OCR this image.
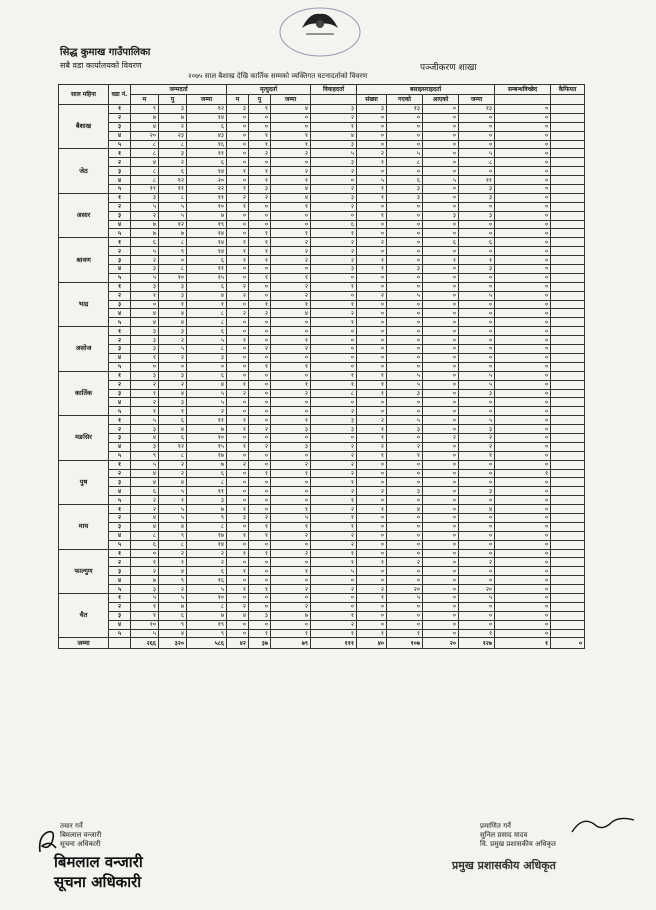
सिद्ध कुमाख गाउँपालिका
सबै वडा कार्यालयको विवरण	पञ्जीकरण शाखा
२०७५ साल बैशाख देखि कार्तिक सम्मको व्यक्तिगत घटनादर्ताको विवरण
साल महिना	वडा नं.	जन्मदर्ता			मृत्युदर्ता			विवाहदर्ता	बसाइसराइदर्ता				सम्बन्धविच्छेद	कैफियत
		म	पु	जम्मा	म	पु	जम्मा		संख्या	गएको	आएको	जम्मा		
बैशाख	१	९	३	१२	३	१	४	३	३	१३	०	१३	०	
	२	७	७	१४	०	०	०	२	०	०	०	०	०	
	३	४	२	६	०	०	०	१	०	०	०	०	०	
	४	२०	२३	४३	०	१	१	४	०	०	०	०	०	
	५	८	८	१६	०	१	१	३	०	०	०	०	०	
जेठ	१	८	३	११	०	२	२	५	२	५	०	५	०	
	२	४	२	६	०	०	०	३	१	८	०	८	०	
	३	८	६	१४	१	१	२	२	०	०	०	०	०	
	४	८	१२	२०	०	१	१	०	५	६	५	११	०	
	५	११	११	२२	१	३	४	२	१	३	०	३	०	
असार	१	३	८	११	२	२	४	३	१	३	०	३	०	
	२	५	५	१०	१	०	१	२	०	०	०	०	०	
	३	२	५	७	०	०	०	०	१	०	३	३	०	
	४	७	१२	१९	०	०	०	६	०	०	०	०	०	
	५	७	७	१४	०	१	१	१	०	०	०	०	०	
श्रावण	१	६	८	१४	१	१	२	२	२	०	६	६	०	
	२	५	९	१४	१	१	२	२	०	०	०	०	०	
	३	२	०	६	१	१	२	२	१	०	१	१	०	
	४	३	८	११	०	०	०	३	१	३	०	३	०	
	५	५	१०	१५	०	१	१	०	०	०	०	०	०	
भाद्र	१	३	३	६	२	०	२	१	०	०	०	०	०	
	२	१	३	४	२	०	२	०	२	५	०	५	०	
	३	०	१	१	०	१	१	१	०	०	०	०	०	
	४	४	४	८	२	२	४	२	०	०	०	०	०	
	५	४	४	८	०	०	०	१	०	०	०	०	०	
असोज	१	३	३	६	०	०	०	०	०	०	०	०	०	
	२	३	२	५	१	०	१	०	०	०	०	०	०	
	३	३	५	८	०	२	२	०	०	०	०	०	०	
	४	१	२	३	०	०	०	०	०	०	०	०	०	
	५	०	०	०	०	१	१	०	०	०	०	०	०	
कार्तिक	१	३	३	६	०	०	०	१	१	५	०	५	०	
	२	२	२	४	१	०	१	१	१	५	०	५	०	
	३	१	४	५	२	०	२	८	१	३	०	३	०	
	४	२	३	५	०	०	०	०	०	०	०	०	०	
	५	१	१	२	०	०	०	२	०	०	०	०	०	
मङसिर	१	५	६	११	१	०	१	३	२	५	०	५	०	
	२	३	४	७	१	२	३	३	१	३	०	३	०	
	३	४	६	१०	०	०	०	०	१	०	२	२	०	
	४	३	१२	१५	१	२	३	२	२	२	०	२	०	
	५	९	८	१७	०	०	०	२	१	१	०	१	०	
पुष	१	५	२	७	२	०	२	२	०	०	०	०	०	
	२	४	२	६	०	१	१	२	०	०	०	०	१	
	३	४	४	८	०	०	०	१	०	०	०	०	०	
	४	६	५	११	०	०	०	२	२	३	०	३	०	
	५	२	१	३	०	०	०	१	०	०	०	०	०	
माघ	१	२	५	७	१	०	१	२	१	४	०	४	०	
	२	४	५	९	३	२	५	१	०	०	०	०	०	
	३	४	४	८	०	१	१	१	०	०	०	०	०	
	४	८	९	१७	१	१	२	२	०	०	०	०	०	
	५	६	८	१४	०	०	०	२	०	०	०	०	०	
फाल्गुण	१	०	२	२	१	१	२	१	०	०	०	०	०	
	२	१	१	२	०	०	०	१	१	२	०	२	०	
	३	२	४	६	१	०	१	५	०	०	०	०	०	
	४	७	९	१६	०	०	०	०	०	०	०	०	०	
	५	३	२	५	१	१	२	२	२	२०	०	२०	०	
चैत	१	५	५	१०	०	०	०	०	१	५	०	५	०	
	२	१	७	८	२	०	२	०	०	०	०	०	०	
	३	१	६	७	४	३	७	१	०	०	०	०	०	
	४	१०	९	१९	०	०	०	२	०	०	०	०	०	
	५	५	४	९	०	१	१	१	१	१	०	१	०	
जम्मा		२६६	३२०	५८६	४२	३७	७९	१११	४०	१०७	२०	१२७	१	०
तयार गर्ने
बिमलाल वन्जारी
सूचना अधिकारी
प्रमाणित गर्ने
सुनिल प्रसाद यादव
वि. प्रमुख प्रशासकीय अधिकृत
बिमलाल वन्जारी
सूचना अधिकारी
प्रमुख प्रशासकीय अधिकृत
